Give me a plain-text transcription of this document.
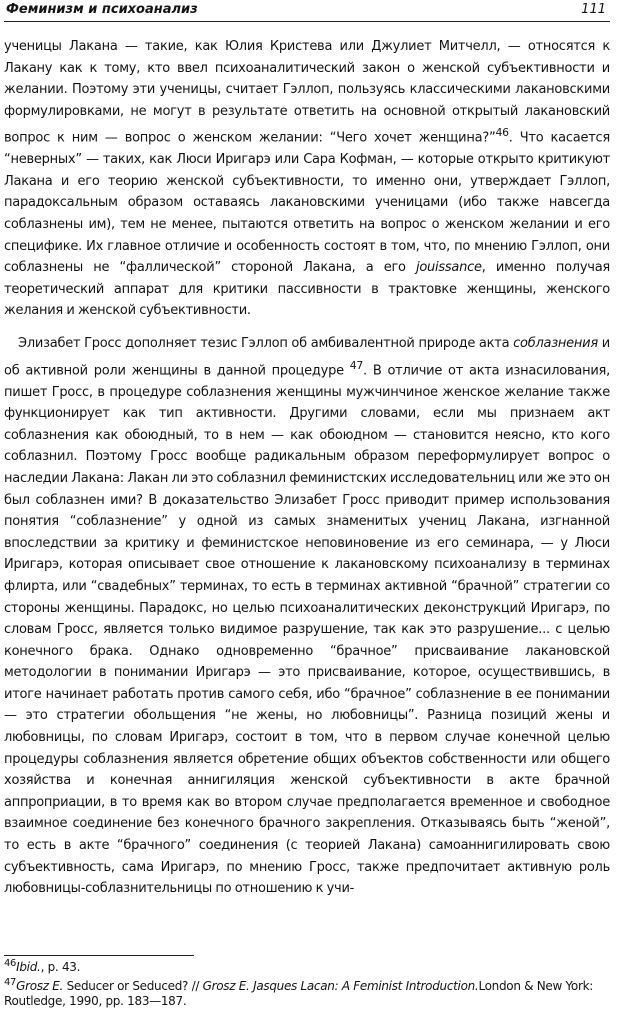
Феминизм и психоанализ	111

ученицы Лакана — такие, как Юлия Кристева или Джулиет Митчелл, — относятся к Лакану как к тому, кто ввел психоаналитический закон о женской субъективности и желании. Поэтому эти ученицы, считает Гэллоп, пользуясь классическими лакановскими формулировками, не могут в результате ответить на основной открытый лакановский вопрос к ним — вопрос о женском желании: “Чего хочет женщина?”$^{46}$. Что касается “неверных” — таких, как Люси Иригарэ или Сара Кофман, — которые открыто критикуют Лакана и его теорию женской субъективности, то именно они, утверждает Гэллоп, парадоксальным образом оставаясь лакановскими ученицами (ибо также навсегда соблазнены им), тем не менее, пытаются ответить на вопрос о женском желании и его специфике. Их главное отличие и особенность состоят в том, что, по мнению Гэллоп, они соблазнены не “фаллической” стороной Лакана, а его jouissance, именно получая теоретический аппарат для критики пассивности в трактовке женщины, женского желания и женской субъективности.

Элизабет Гросс дополняет тезис Гэллоп об амбивалентной природе акта соблазнения и об активной роли женщины в данной процедуре $^{47}$. В отличие от акта изнасилования, пишет Гросс, в процедуре соблазнения женщины мужчинчиное женское желание также функционирует как тип активности. Другими словами, если мы признаем акт соблазнения как обоюдный, то в нем — как обоюдном — становится неясно, кто кого соблазнил. Поэтому Гросс вообще радикальным образом переформулирует вопрос о наследии Лакана: Лакан ли это соблазнил феминистских исследовательниц или же это он был соблазнен ими? В доказательство Элизабет Гросс приводит пример использования понятия “соблазнение” у одной из самых знаменитых учениц Лакана, изгнанной впоследствии за критику и феминистское неповиновение из его семинара, — у Люси Иригарэ, которая описывает свое отношение к лакановскому психоанализу в терминах флирта, или “свадебных” терминах, то есть в терминах активной “брачной” стратегии со стороны женщины. Парадокс, но целью психоаналитических деконструкций Иригарэ, по словам Гросс, является только видимое разрушение, так как это разрушение... с целью конечного брака. Однако одновременно “брачное” присваивание лакановской методологии в понимании Иригарэ — это присваивание, которое, осуществившись, в итоге начинает работать против самого себя, ибо “брачное” соблазнение в ее понимании — это стратегии обольщения “не жены, но любовницы”. Разница позиций жены и любовницы, по словам Иригарэ, состоит в том, что в первом случае конечной целью процедуры соблазнения является обретение общих объектов собственности или общего хозяйства и конечная аннигиляция женской субъективности в акте брачной аппроприации, в то время как во втором случае предполагается временное и свободное взаимное соединение без конечного брачного закрепления. Отказываясь быть “женой”, то есть в акте “брачного” соединения (с теорией Лакана) самоаннигилировать свою субъективность, сама Иригарэ, по мнению Гросс, также предпочитает активную роль любовницы-соблазнительницы по отношению к учи-

$^{46}$Ibid., p. 43.

$^{47}$Grosz E. Seducer or Seduced? // Grosz E. Jasques Lacan: A Feminist Introduction.London & New York: Routledge, 1990, pp. 183—187.
